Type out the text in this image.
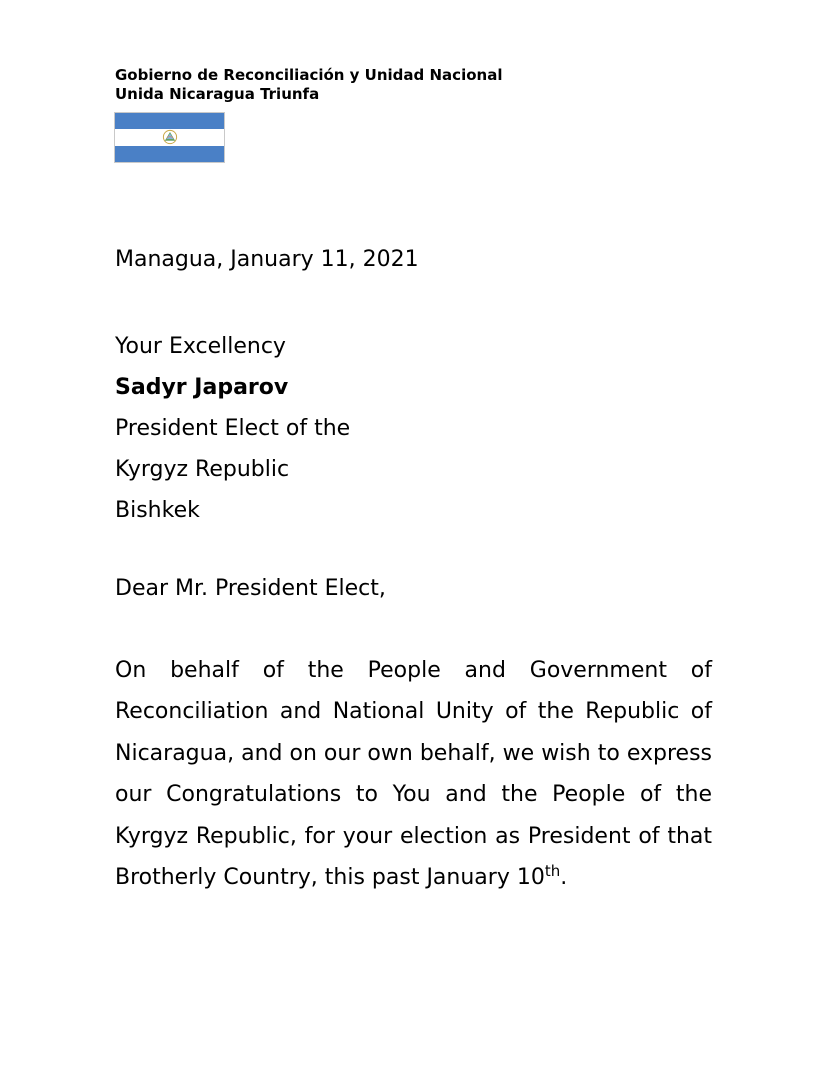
Gobierno de Reconciliación y Unidad Nacional
Unida Nicaragua Triunfa
Managua, January 11, 2021
Your Excellency
Sadyr Japarov
President Elect of the
Kyrgyz Republic
Bishkek
Dear Mr. President Elect,
On behalf of the People and Government of Reconciliation and National Unity of the Republic of Nicaragua, and on our own behalf, we wish to express our Congratulations to You and the People of the Kyrgyz Republic, for your election as President of that Brotherly Country, this past January 10th.
